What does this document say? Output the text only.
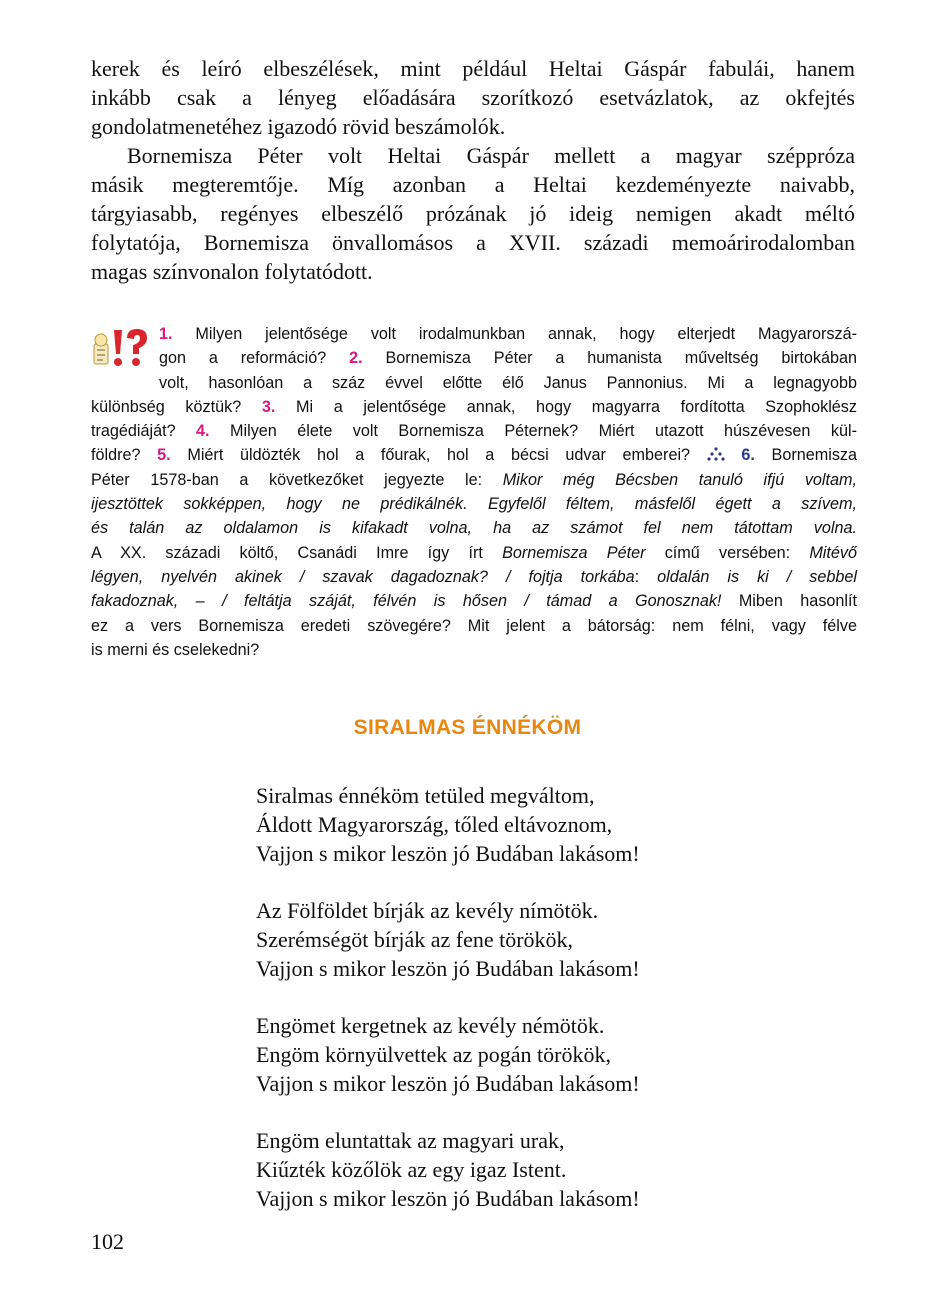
kerek és leíró elbeszélések, mint például Heltai Gáspár fabulái, hanem
inkább csak a lényeg előadására szorítkozó esetvázlatok, az okfejtés
gondolatmenetéhez igazodó rövid beszámolók.
Bornemisza Péter volt Heltai Gáspár mellett a magyar széppróza
másik megteremtője. Míg azonban a Heltai kezdeményezte naivabb,
tárgyiasabb, regényes elbeszélő prózának jó ideig nemigen akadt méltó
folytatója, Bornemisza önvallomásos a XVII. századi memoárirodalomban
magas színvonalon folytatódott.
1. Milyen jelentősége volt irodalmunkban annak, hogy elterjedt Magyarorszá-
gon a reformáció? 2. Bornemisza Péter a humanista műveltség birtokában
volt, hasonlóan a száz évvel előtte élő Janus Pannonius. Mi a legnagyobb
különbség köztük? 3. Mi a jelentősége annak, hogy magyarra fordította Szophoklész
tragédiáját? 4. Milyen élete volt Bornemisza Péternek? Miért utazott húszévesen kül-
földre? 5. Miért üldözték hol a főurak, hol a bécsi udvar emberei?  6. Bornemisza
Péter 1578-ban a következőket jegyezte le: Mikor még Bécsben tanuló ifjú voltam,
ijesztöttek sokképpen, hogy ne prédikálnék. Egyfelől féltem, másfelől égett a szívem,
és talán az oldalamon is kifakadt volna, ha az számot fel nem tátottam volna.
A XX. századi költő, Csanádi Imre így írt Bornemisza Péter című versében: Mitévő
légyen, nyelvén akinek / szavak dagadoznak? / fojtja torkába: oldalán is ki / sebbel
fakadoznak, – / feltátja száját, félvén is hősen / támad a Gonosznak! Miben hasonlít
ez a vers Bornemisza eredeti szövegére? Mit jelent a bátorság: nem félni, vagy félve
is merni és cselekedni?
SIRALMAS ÉNNÉKÖM
Siralmas énnéköm tetüled megváltom,
Áldott Magyarország, tőled eltávoznom,
Vajjon s mikor leszön jó Budában lakásom!
Az Fölföldet bírják az kevély nímötök.
Szerémségöt bírják az fene törökök,
Vajjon s mikor leszön jó Budában lakásom!
Engömet kergetnek az kevély némötök.
Engöm környülvettek az pogán törökök,
Vajjon s mikor leszön jó Budában lakásom!
Engöm eluntattak az magyari urak,
Kiűzték közőlök az egy igaz Istent.
Vajjon s mikor leszön jó Budában lakásom!
102
